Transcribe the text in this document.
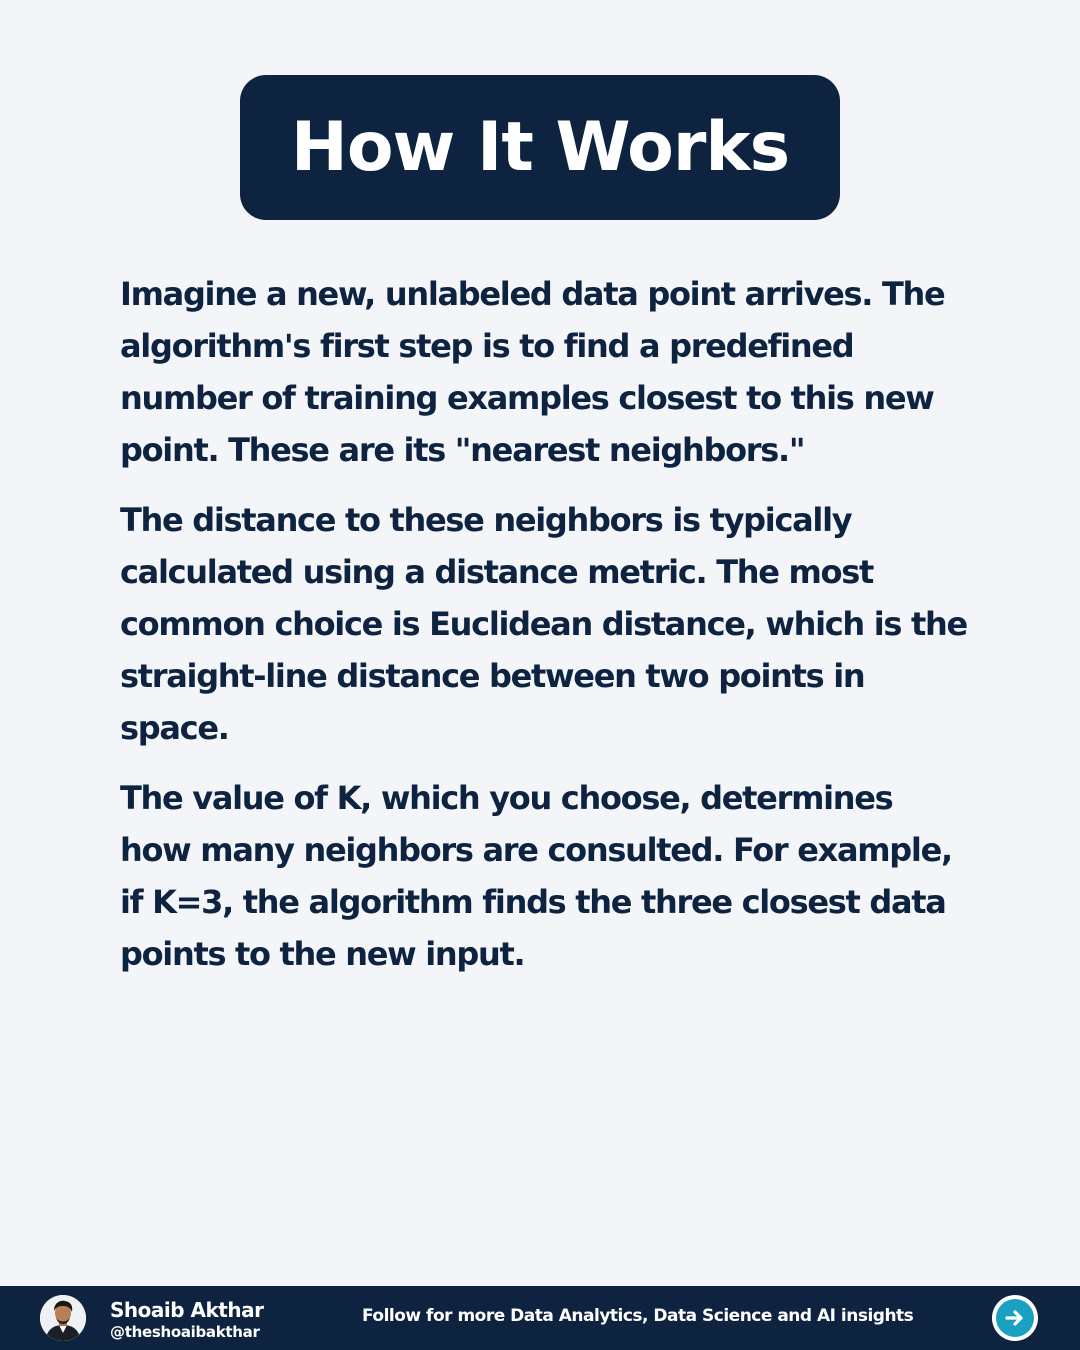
How It Works

Imagine a new, unlabeled data point arrives. The algorithm's first step is to find a predefined number of training examples closest to this new point. These are its "nearest neighbors."

The distance to these neighbors is typically calculated using a distance metric. The most common choice is Euclidean distance, which is the straight-line distance between two points in space.

The value of K, which you choose, determines how many neighbors are consulted. For example, if K=3, the algorithm finds the three closest data points to the new input.

Shoaib Akthar
@theshoaibakthar
Follow for more Data Analytics, Data Science and AI insights
